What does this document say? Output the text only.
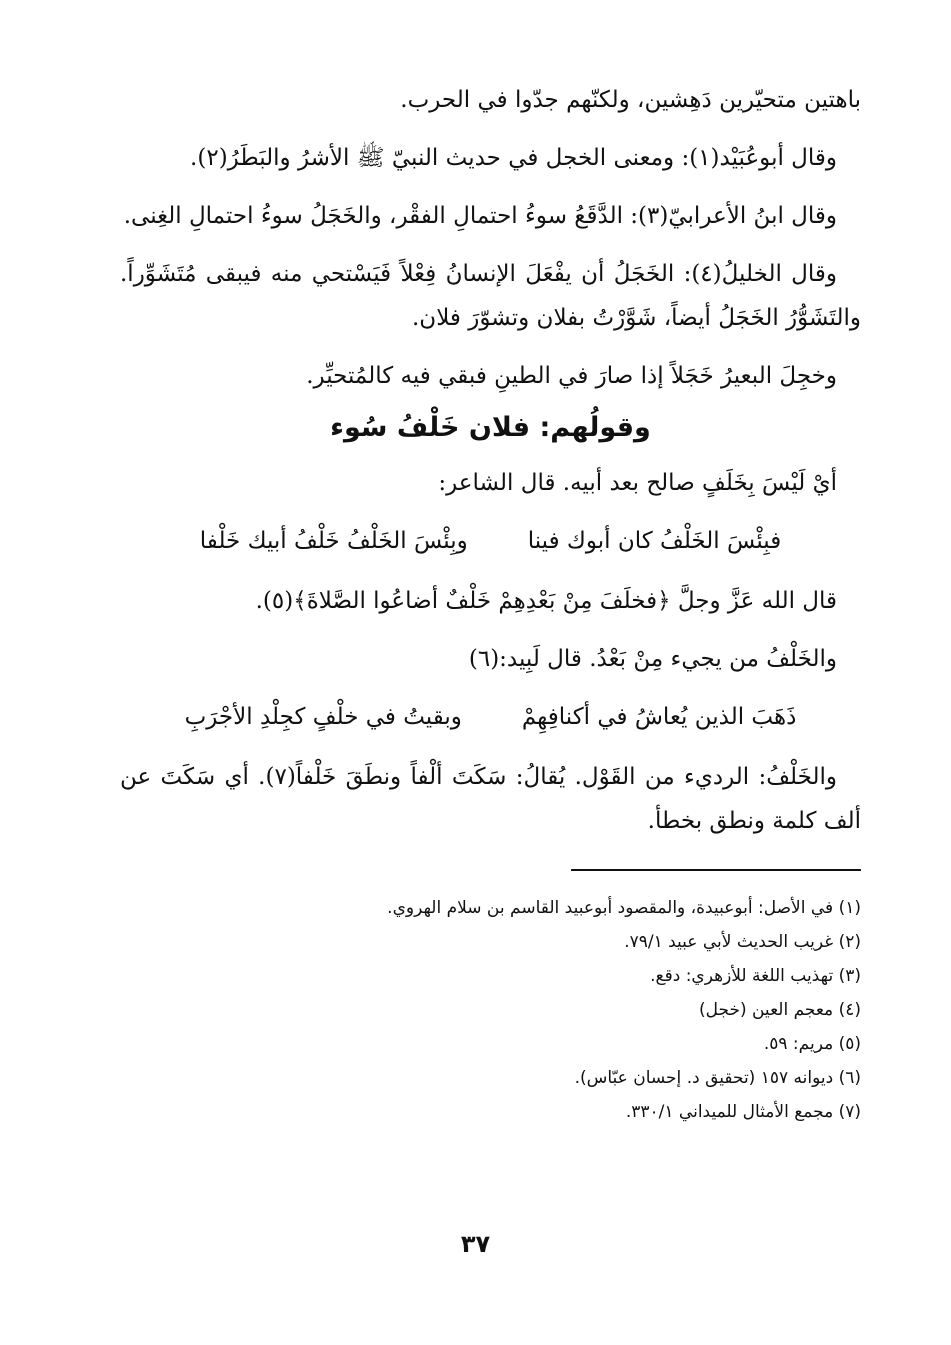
باهتين متحيّرين دَهِشين، ولكنّهم جدّوا في الحرب.

وقال أبوعُبَيْد(١): ومعنى الخجل في حديث النبيّ ﷺ الأشرُ والبَطَرُ(٢).

وقال ابنُ الأعرابيّ(٣): الدَّقَعُ سوءُ احتمالِ الفقْر، والخَجَلُ سوءُ احتمالِ الغِنى.

وقال الخليلُ(٤): الخَجَلُ أن يفْعَلَ الإنسانُ فِعْلاً فَيَسْتحي منه فيبقى مُتَشَوِّراً. والتَشَوُّرُ الخَجَلُ أيضاً، شَوَّرْتُ بفلان وتشوّرَ فلان.

وخجِلَ البعيرُ خَجَلاً إذا صارَ في الطينِ فبقي فيه كالمُتحيِّر.

وقولُهم: فلان خَلْفُ سُوء

أيْ لَيْسَ بِخَلَفٍ صالح بعد أبيه. قال الشاعر:

فبِئْسَ الخَلْفُ كان أبوك فينا
وبِئْسَ الخَلْفُ خَلْفُ أبيك خَلْفا

قال الله عَزَّ وجلَّ ﴿فخلَفَ مِنْ بَعْدِهِمْ خَلْفٌ أضاعُوا الصَّلاةَ﴾(٥).

والخَلْفُ من يجيء مِنْ بَعْدُ. قال لَبِيد:(٦)

ذَهَبَ الذين يُعاشُ في أكنافِهِمْ
وبقيتُ في خلْفٍ كجِلْدِ الأجْرَبِ

والخَلْفُ: الرديء من القَوْل. يُقالُ: سَكَتَ ألْفاً ونطَقَ خَلْفاً(٧). أي سَكَتَ عن ألف كلمة ونطق بخطأ.

(١) في الأصل: أبوعبيدة، والمقصود أبوعبيد القاسم بن سلام الهروي.
(٢) غريب الحديث لأبي عبيد ٧٩/١.
(٣) تهذيب اللغة للأزهري: دقع.
(٤) معجم العين (خجل)
(٥) مريم: ٥٩.
(٦) ديوانه ١٥٧ (تحقيق د. إحسان عبّاس).
(٧) مجمع الأمثال للميداني ٣٣٠/١.
٣٧
